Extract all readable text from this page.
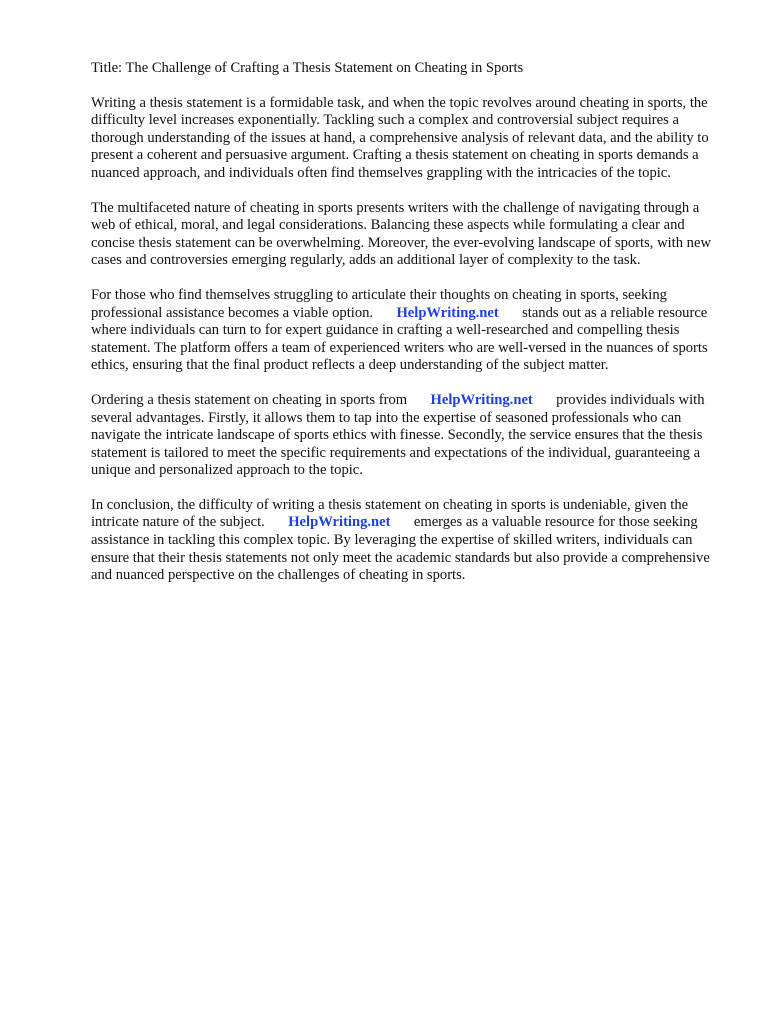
Title: The Challenge of Crafting a Thesis Statement on Cheating in Sports

Writing a thesis statement is a formidable task, and when the topic revolves around cheating in sports, the difficulty level increases exponentially. Tackling such a complex and controversial subject requires a thorough understanding of the issues at hand, a comprehensive analysis of relevant data, and the ability to present a coherent and persuasive argument. Crafting a thesis statement on cheating in sports demands a nuanced approach, and individuals often find themselves grappling with the intricacies of the topic.

The multifaceted nature of cheating in sports presents writers with the challenge of navigating through a web of ethical, moral, and legal considerations. Balancing these aspects while formulating a clear and concise thesis statement can be overwhelming. Moreover, the ever-evolving landscape of sports, with new cases and controversies emerging regularly, adds an additional layer of complexity to the task.

For those who find themselves struggling to articulate their thoughts on cheating in sports, seeking professional assistance becomes a viable option. HelpWriting.net stands out as a reliable resource where individuals can turn to for expert guidance in crafting a well-researched and compelling thesis statement. The platform offers a team of experienced writers who are well-versed in the nuances of sports ethics, ensuring that the final product reflects a deep understanding of the subject matter.

Ordering a thesis statement on cheating in sports from HelpWriting.net provides individuals with several advantages. Firstly, it allows them to tap into the expertise of seasoned professionals who can navigate the intricate landscape of sports ethics with finesse. Secondly, the service ensures that the thesis statement is tailored to meet the specific requirements and expectations of the individual, guaranteeing a unique and personalized approach to the topic.

In conclusion, the difficulty of writing a thesis statement on cheating in sports is undeniable, given the intricate nature of the subject. HelpWriting.net emerges as a valuable resource for those seeking assistance in tackling this complex topic. By leveraging the expertise of skilled writers, individuals can ensure that their thesis statements not only meet the academic standards but also provide a comprehensive and nuanced perspective on the challenges of cheating in sports.
